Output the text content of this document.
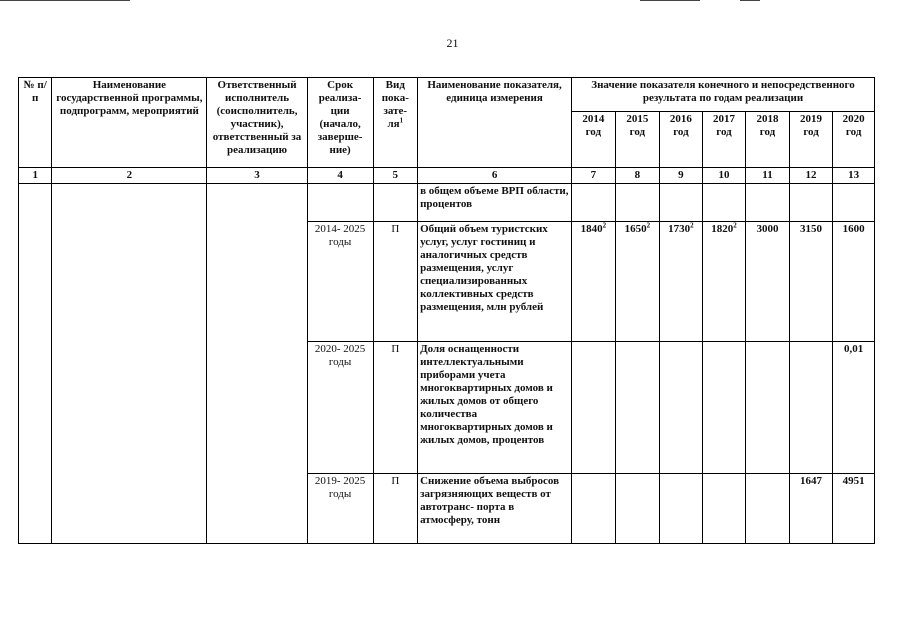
21
№ п/п	Наименование государственной программы, подпрограмм, мероприятий	Ответственный исполнитель (соисполнитель, участник), ответственный за реализацию	Срок реализа- ции (начало, заверше- ние)	Вид пока- зате- $ля^1$	Наименование показателя, единица измерения	Значение показателя конечного и непосредственного результата по годам реализации						
						2014 год	2015 год	2016 год	2017 год	2018 год	2019 год	2020 год
1	2	3	4	5	6	7	8	9	10	11	12	13
					в общем объеме ВРП области, процентов							
			2014- 2025 годы	П	Общий объем туристских услуг, услуг гостиниц и аналогичных средств размещения, услуг специализированных коллективных средств размещения, млн рублей	1840$^2$	1650$^2$	1730$^2$	1820$^2$	3000	3150	1600
			2020- 2025 годы	П	Доля оснащенности интеллектуальными приборами учета многоквартирных домов и жилых домов от общего количества многоквартирных домов и жилых домов, процентов							0,01
			2019- 2025 годы	П	Снижение объема выбросов загрязняющих веществ от автотранс- порта в атмосферу, тонн						1647	4951
